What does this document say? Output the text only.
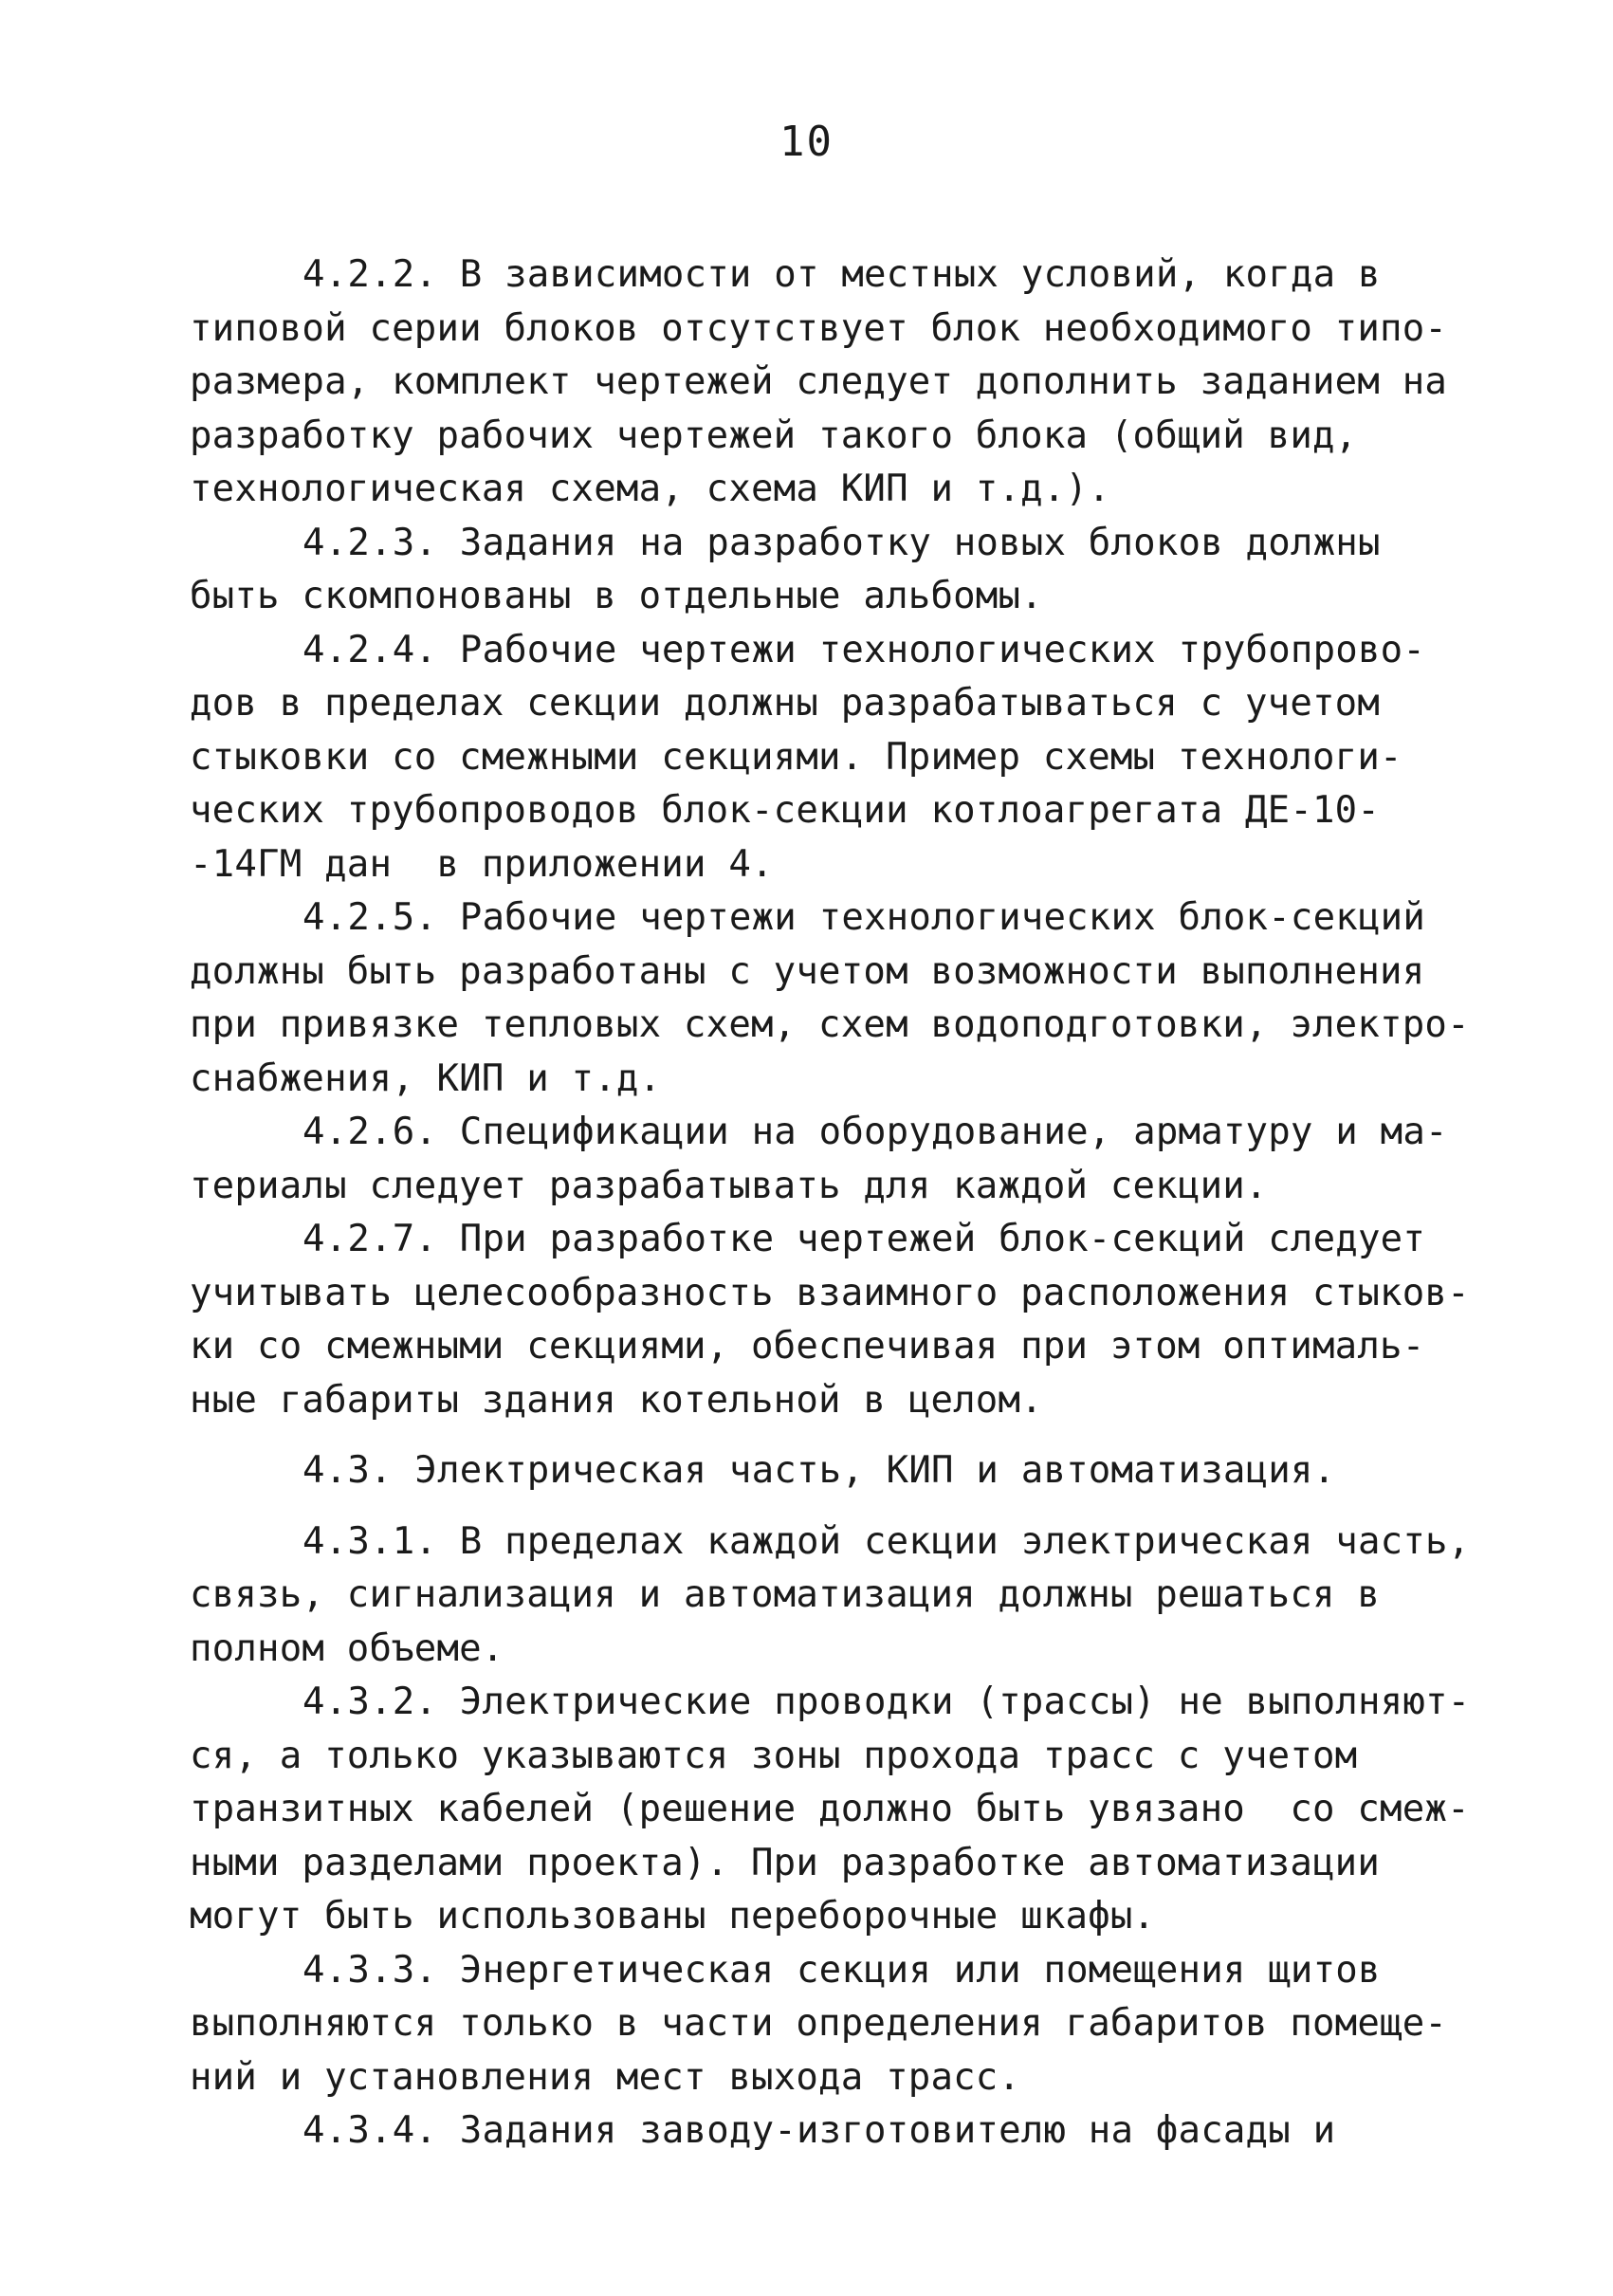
10
4.2.2. В зависимости от местных условий, когда в
типовой серии блоков отсутствует блок необходимого типо-
размера, комплект чертежей следует дополнить заданием на
разработку рабочих чертежей такого блока (общий вид,
технологическая схема, схема КИП и т.д.).
4.2.3. Задания на разработку новых блоков должны
быть скомпонованы в отдельные альбомы.
4.2.4. Рабочие чертежи технологических трубопрово-
дов в пределах секции должны разрабатываться с учетом
стыковки со смежными секциями. Пример схемы технологи-
ческих трубопроводов блок-секции котлоагрегата ДЕ-10-
-14ГМ дан  в приложении 4.
4.2.5. Рабочие чертежи технологических блок-секций
должны быть разработаны с учетом возможности выполнения
при привязке тепловых схем, схем водоподготовки, электро-
снабжения, КИП и т.д.
4.2.6. Спецификации на оборудование, арматуру и ма-
териалы следует разрабатывать для каждой секции.
4.2.7. При разработке чертежей блок-секций следует
учитывать целесообразность взаимного расположения стыков-
ки со смежными секциями, обеспечивая при этом оптималь-
ные габариты здания котельной в целом.
4.3. Электрическая часть, КИП и автоматизация.
4.3.1. В пределах каждой секции электрическая часть,
связь, сигнализация и автоматизация должны решаться в
полном объеме.
4.3.2. Электрические проводки (трассы) не выполняют-
ся, а только указываются зоны прохода трасс с учетом
транзитных кабелей (решение должно быть увязано  со смеж-
ными разделами проекта). При разработке автоматизации
могут быть использованы переборочные шкафы.
4.3.3. Энергетическая секция или помещения щитов
выполняются только в части определения габаритов помеще-
ний и установления мест выхода трасс.
4.3.4. Задания заводу-изготовителю на фасады и
